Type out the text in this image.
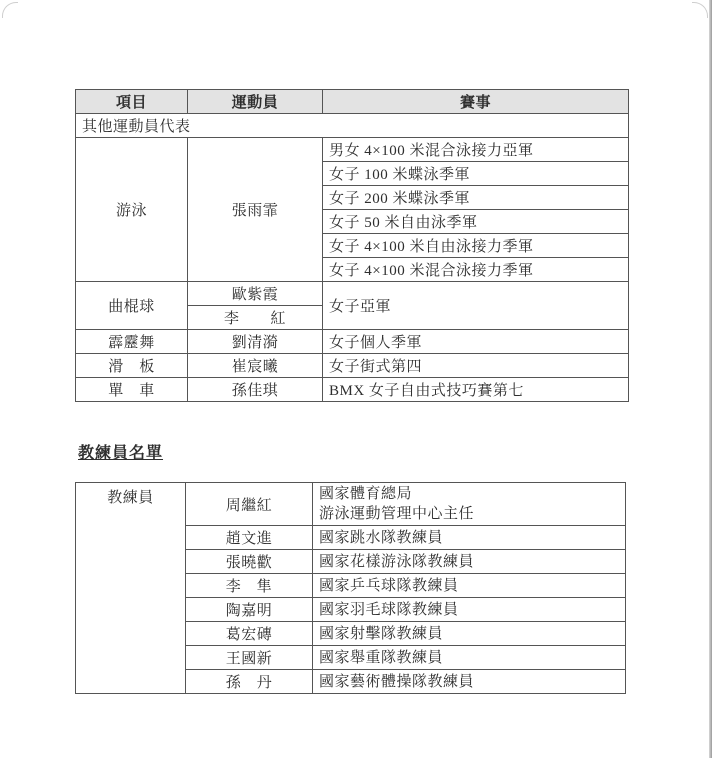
項目	運動員	賽事
其他運動員代表		
游泳	張雨霏	男女 4×100 米混合泳接力亞軍
		女子 100 米蝶泳季軍
		女子 200 米蝶泳季軍
		女子 50 米自由泳季軍
		女子 4×100 米自由泳接力季軍
		女子 4×100 米混合泳接力季軍
曲棍球	歐紫霞	女子亞軍
	李　　紅	
霹靂舞	劉清漪	女子個人季軍
滑　板	崔宸曦	女子街式第四
單　車	孫佳琪	BMX 女子自由式技巧賽第七
教練員名單
教練員	周繼紅	國家體育總局
游泳運動管理中心主任
	趙文進	國家跳水隊教練員
	張曉歡	國家花樣游泳隊教練員
	李　隼	國家乒乓球隊教練員
	陶嘉明	國家羽毛球隊教練員
	葛宏磚	國家射擊隊教練員
	王國新	國家舉重隊教練員
	孫　丹	國家藝術體操隊教練員
